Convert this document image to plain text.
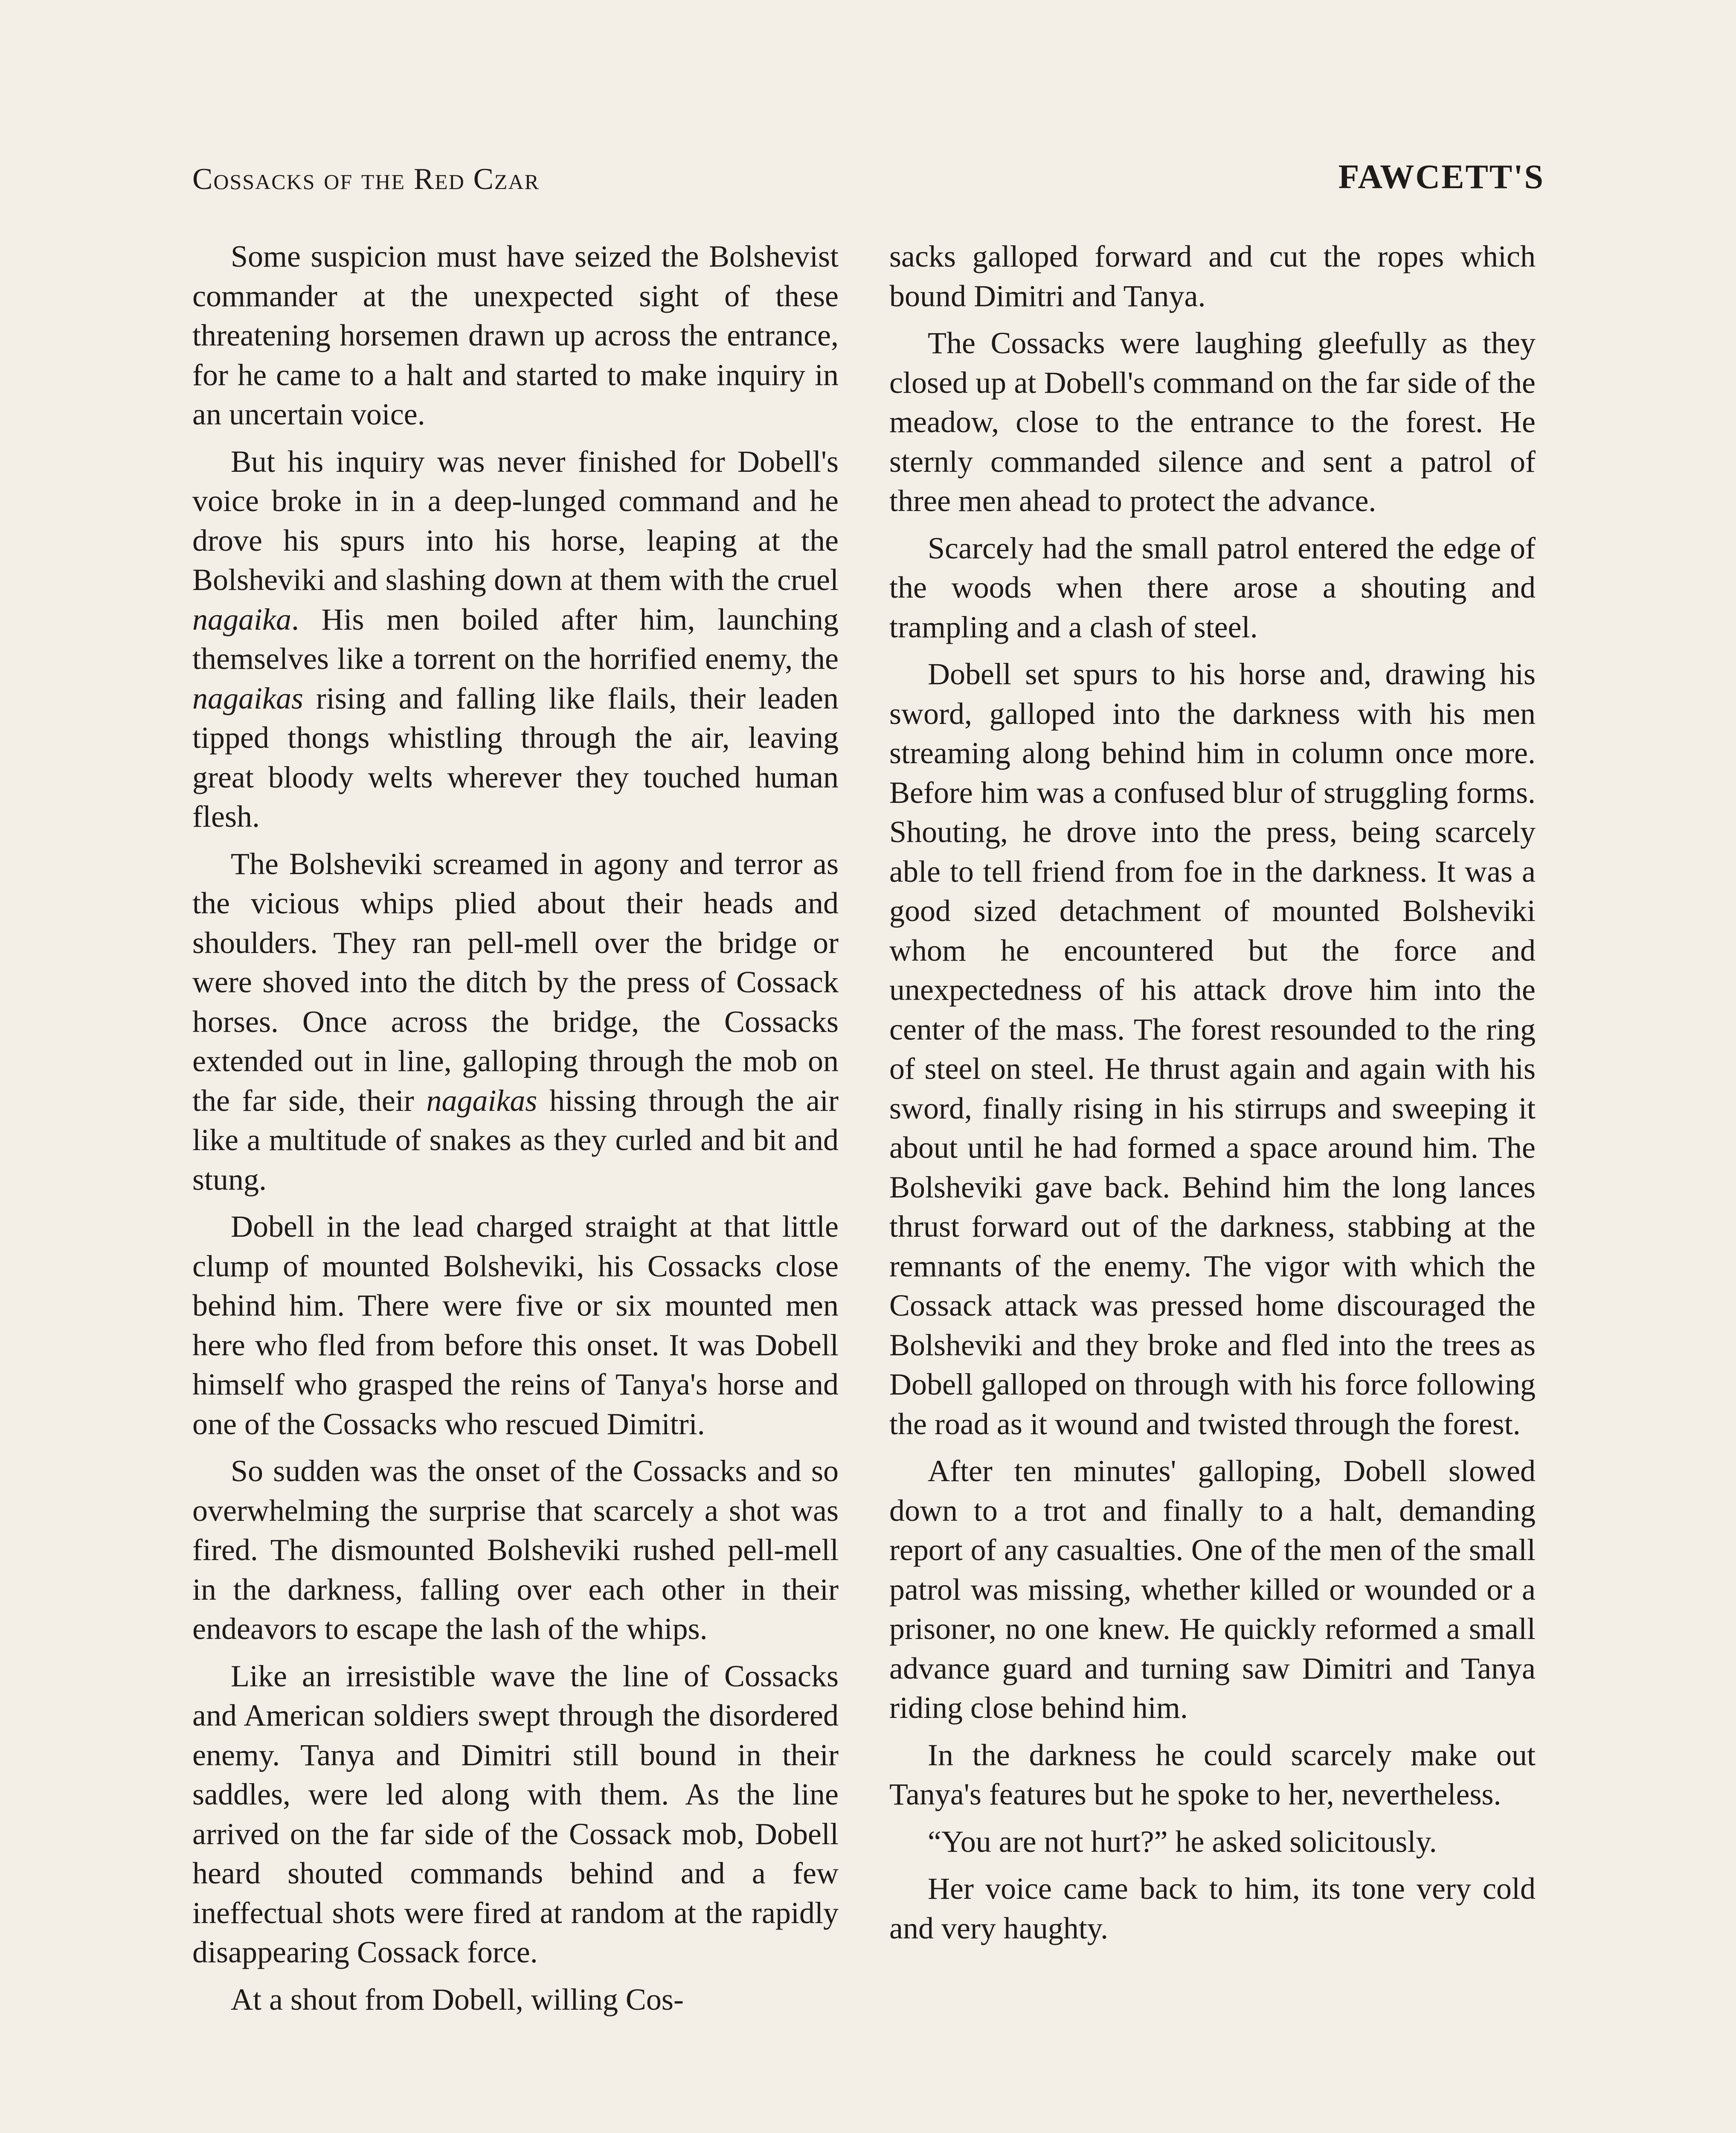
Cossacks of the Red Czar	FAWCETT'S

Some suspicion must have seized the Bolshevist commander at the unexpected sight of these threatening horsemen drawn up across the entrance, for he came to a halt and started to make inquiry in an uncertain voice.

But his inquiry was never finished for Dobell's voice broke in in a deep-lunged command and he drove his spurs into his horse, leaping at the Bolsheviki and slashing down at them with the cruel nagaika. His men boiled after him, launching themselves like a torrent on the horrified enemy, the nagaikas rising and falling like flails, their leaden tipped thongs whistling through the air, leaving great bloody welts wherever they touched human flesh.

The Bolsheviki screamed in agony and terror as the vicious whips plied about their heads and shoulders. They ran pell-mell over the bridge or were shoved into the ditch by the press of Cossack horses. Once across the bridge, the Cossacks extended out in line, galloping through the mob on the far side, their nagaikas hissing through the air like a multitude of snakes as they curled and bit and stung.

Dobell in the lead charged straight at that little clump of mounted Bolsheviki, his Cossacks close behind him. There were five or six mounted men here who fled from before this onset. It was Dobell himself who grasped the reins of Tanya's horse and one of the Cossacks who rescued Dimitri.

So sudden was the onset of the Cossacks and so overwhelming the surprise that scarcely a shot was fired. The dismounted Bolsheviki rushed pell-mell in the darkness, falling over each other in their endeavors to escape the lash of the whips.

Like an irresistible wave the line of Cossacks and American soldiers swept through the disordered enemy. Tanya and Dimitri still bound in their saddles, were led along with them. As the line arrived on the far side of the Cossack mob, Dobell heard shouted commands behind and a few ineffectual shots were fired at random at the rapidly disappearing Cossack force.

At a shout from Dobell, willing Cos-

sacks galloped forward and cut the ropes which bound Dimitri and Tanya.

The Cossacks were laughing gleefully as they closed up at Dobell's command on the far side of the meadow, close to the entrance to the forest. He sternly commanded silence and sent a patrol of three men ahead to protect the advance.

Scarcely had the small patrol entered the edge of the woods when there arose a shouting and trampling and a clash of steel.

Dobell set spurs to his horse and, drawing his sword, galloped into the darkness with his men streaming along behind him in column once more. Before him was a confused blur of struggling forms. Shouting, he drove into the press, being scarcely able to tell friend from foe in the darkness. It was a good sized detachment of mounted Bolsheviki whom he encountered but the force and unexpectedness of his attack drove him into the center of the mass. The forest resounded to the ring of steel on steel. He thrust again and again with his sword, finally rising in his stirrups and sweeping it about until he had formed a space around him. The Bolsheviki gave back. Behind him the long lances thrust forward out of the darkness, stabbing at the remnants of the enemy. The vigor with which the Cossack attack was pressed home discouraged the Bolsheviki and they broke and fled into the trees as Dobell galloped on through with his force following the road as it wound and twisted through the forest.

After ten minutes' galloping, Dobell slowed down to a trot and finally to a halt, demanding report of any casualties. One of the men of the small patrol was missing, whether killed or wounded or a prisoner, no one knew. He quickly reformed a small advance guard and turning saw Dimitri and Tanya riding close behind him.

In the darkness he could scarcely make out Tanya's features but he spoke to her, nevertheless.

“You are not hurt?” he asked solicitously.

Her voice came back to him, its tone very cold and very haughty.
